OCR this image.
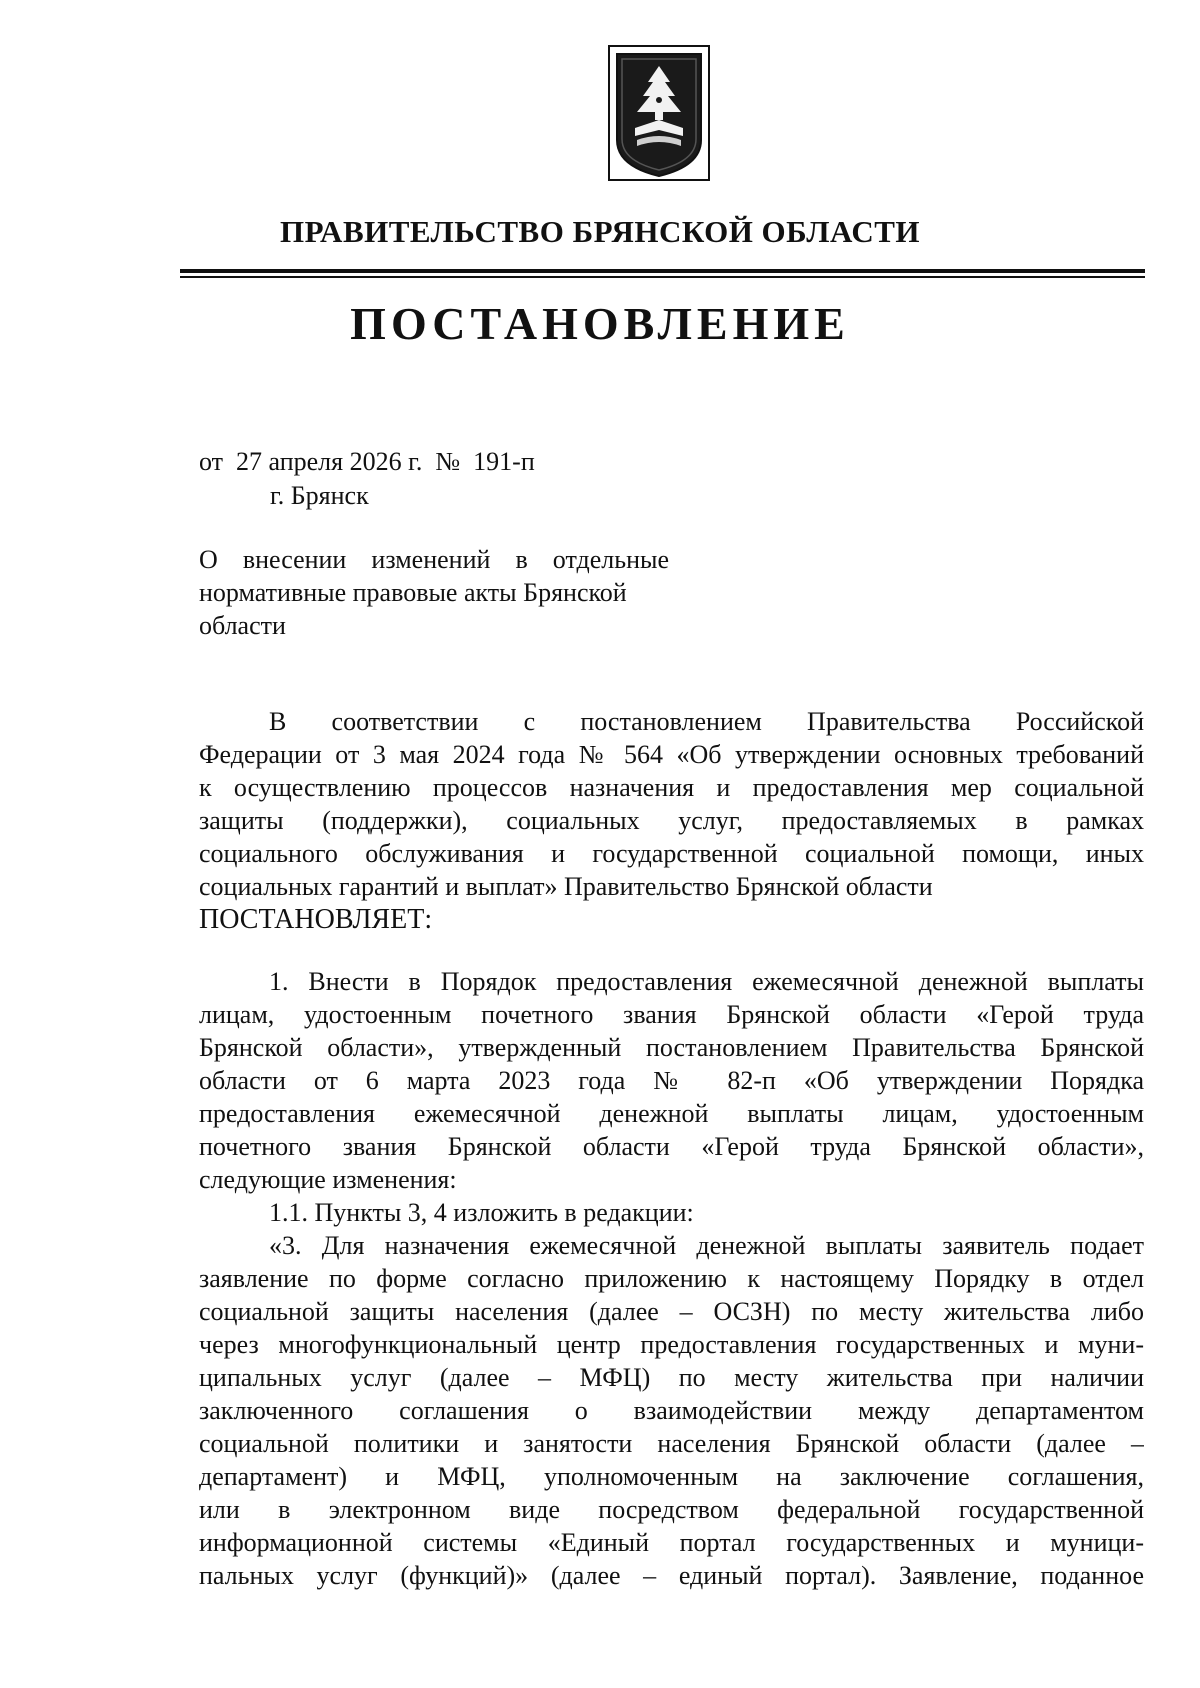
ПРАВИТЕЛЬСТВО БРЯНСКОЙ ОБЛАСТИ
ПОСТАНОВЛЕНИЕ
от 27 апреля 2026 г. № 191-п
г. Брянск
О внесении изменений в отдельные
нормативные правовые акты Брянской
области
В соответствии с постановлением Правительства Российской
Федерации от 3 мая 2024 года № 564 «Об утверждении основных требований
к осуществлению процессов назначения и предоставления мер социальной
защиты (поддержки), социальных услуг, предоставляемых в рамках
социального обслуживания и государственной социальной помощи, иных
социальных гарантий и выплат» Правительство Брянской области
ПОСТАНОВЛЯЕТ:
1. Внести в Порядок предоставления ежемесячной денежной выплаты
лицам, удостоенным почетного звания Брянской области «Герой труда
Брянской области», утвержденный постановлением Правительства Брянской
области от 6 марта 2023 года № 82-п «Об утверждении Порядка
предоставления ежемесячной денежной выплаты лицам, удостоенным
почетного звания Брянской области «Герой труда Брянской области»,
следующие изменения:
1.1. Пункты 3, 4 изложить в редакции:
«3. Для назначения ежемесячной денежной выплаты заявитель подает
заявление по форме согласно приложению к настоящему Порядку в отдел
социальной защиты населения (далее – ОСЗН) по месту жительства либо
через многофункциональный центр предоставления государственных и муни-
ципальных услуг (далее – МФЦ) по месту жительства при наличии
заключенного соглашения о взаимодействии между департаментом
социальной политики и занятости населения Брянской области (далее –
департамент) и МФЦ, уполномоченным на заключение соглашения,
или в электронном виде посредством федеральной государственной
информационной системы «Единый портал государственных и муници-
пальных услуг (функций)» (далее – единый портал). Заявление, поданное
